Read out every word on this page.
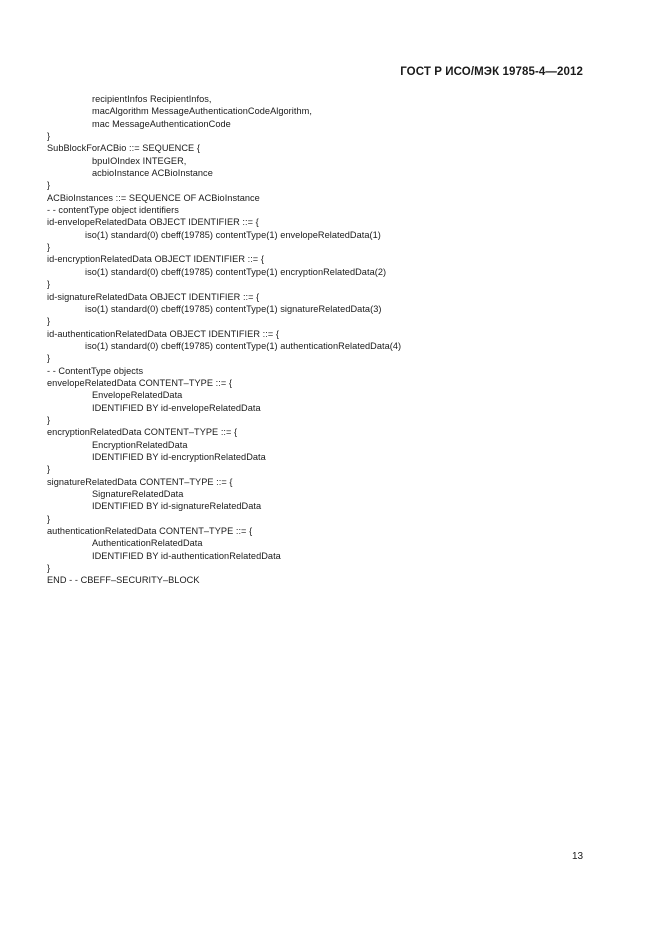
ГОСТ Р ИСО/МЭК 19785-4—2012
recipientInfos RecipientInfos,
macAlgorithm MessageAuthenticationCodeAlgorithm,
mac MessageAuthenticationCode
}
SubBlockForACBio ::= SEQUENCE {
bpuIOIndex INTEGER,
acbioInstance ACBioInstance
}
ACBioInstances ::= SEQUENCE OF ACBioInstance
- - contentType object identifiers
id-envelopeRelatedData OBJECT IDENTIFIER ::= {
iso(1) standard(0) cbeff(19785) contentType(1) envelopeRelatedData(1)
}
id-encryptionRelatedData OBJECT IDENTIFIER ::= {
iso(1) standard(0) cbeff(19785) contentType(1) encryptionRelatedData(2)
}
id-signatureRelatedData OBJECT IDENTIFIER ::= {
iso(1) standard(0) cbeff(19785) contentType(1) signatureRelatedData(3)
}
id-authenticationRelatedData OBJECT IDENTIFIER ::= {
iso(1) standard(0) cbeff(19785) contentType(1) authenticationRelatedData(4)
}
- - ContentType objects
envelopeRelatedData CONTENT–TYPE ::= {
EnvelopeRelatedData
IDENTIFIED BY id-envelopeRelatedData
}
encryptionRelatedData CONTENT–TYPE ::= {
EncryptionRelatedData
IDENTIFIED BY id-encryptionRelatedData
}
signatureRelatedData CONTENT–TYPE ::= {
SignatureRelatedData
IDENTIFIED BY id-signatureRelatedData
}
authenticationRelatedData CONTENT–TYPE ::= {
AuthenticationRelatedData
IDENTIFIED BY id-authenticationRelatedData
}
END - - CBEFF–SECURITY–BLOCK
13
